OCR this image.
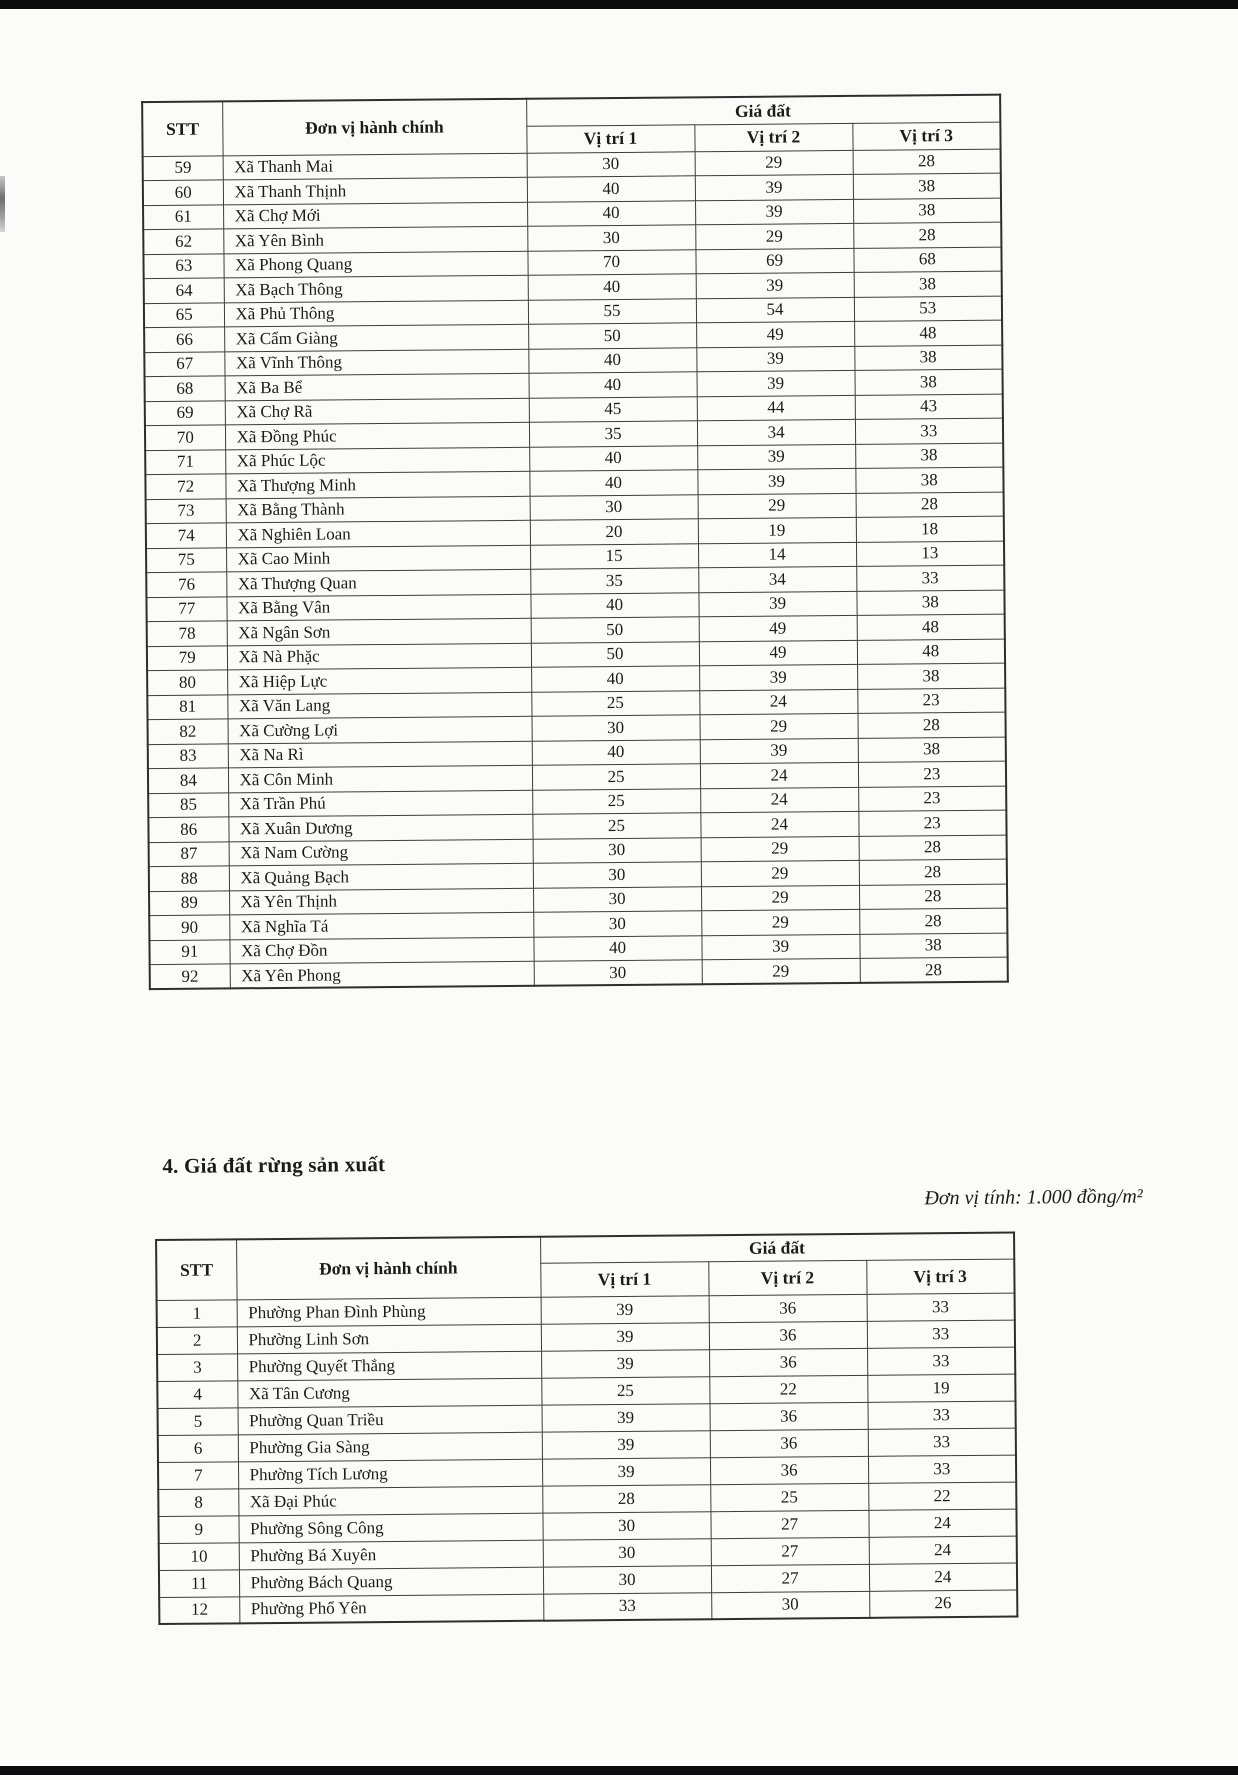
STT	Đơn vị hành chính	Giá đất		
		Vị trí 1	Vị trí 2	Vị trí 3
59	Xã Thanh Mai	30	29	28
60	Xã Thanh Thịnh	40	39	38
61	Xã Chợ Mới	40	39	38
62	Xã Yên Bình	30	29	28
63	Xã Phong Quang	70	69	68
64	Xã Bạch Thông	40	39	38
65	Xã Phủ Thông	55	54	53
66	Xã Cẩm Giàng	50	49	48
67	Xã Vĩnh Thông	40	39	38
68	Xã Ba Bể	40	39	38
69	Xã Chợ Rã	45	44	43
70	Xã Đồng Phúc	35	34	33
71	Xã Phúc Lộc	40	39	38
72	Xã Thượng Minh	40	39	38
73	Xã Bằng Thành	30	29	28
74	Xã Nghiên Loan	20	19	18
75	Xã Cao Minh	15	14	13
76	Xã Thượng Quan	35	34	33
77	Xã Bằng Vân	40	39	38
78	Xã Ngân Sơn	50	49	48
79	Xã Nà Phặc	50	49	48
80	Xã Hiệp Lực	40	39	38
81	Xã Văn Lang	25	24	23
82	Xã Cường Lợi	30	29	28
83	Xã Na Rì	40	39	38
84	Xã Côn Minh	25	24	23
85	Xã Trần Phú	25	24	23
86	Xã Xuân Dương	25	24	23
87	Xã Nam Cường	30	29	28
88	Xã Quảng Bạch	30	29	28
89	Xã Yên Thịnh	30	29	28
90	Xã Nghĩa Tá	30	29	28
91	Xã Chợ Đồn	40	39	38
92	Xã Yên Phong	30	29	28
4. Giá đất rừng sản xuất
Đơn vị tính: 1.000 đồng/m²
STT	Đơn vị hành chính	Giá đất		
		Vị trí 1	Vị trí 2	Vị trí 3
1	Phường Phan Đình Phùng	39	36	33
2	Phường Linh Sơn	39	36	33
3	Phường Quyết Thắng	39	36	33
4	Xã Tân Cương	25	22	19
5	Phường Quan Triều	39	36	33
6	Phường Gia Sàng	39	36	33
7	Phường Tích Lương	39	36	33
8	Xã Đại Phúc	28	25	22
9	Phường Sông Công	30	27	24
10	Phường Bá Xuyên	30	27	24
11	Phường Bách Quang	30	27	24
12	Phường Phổ Yên	33	30	26
